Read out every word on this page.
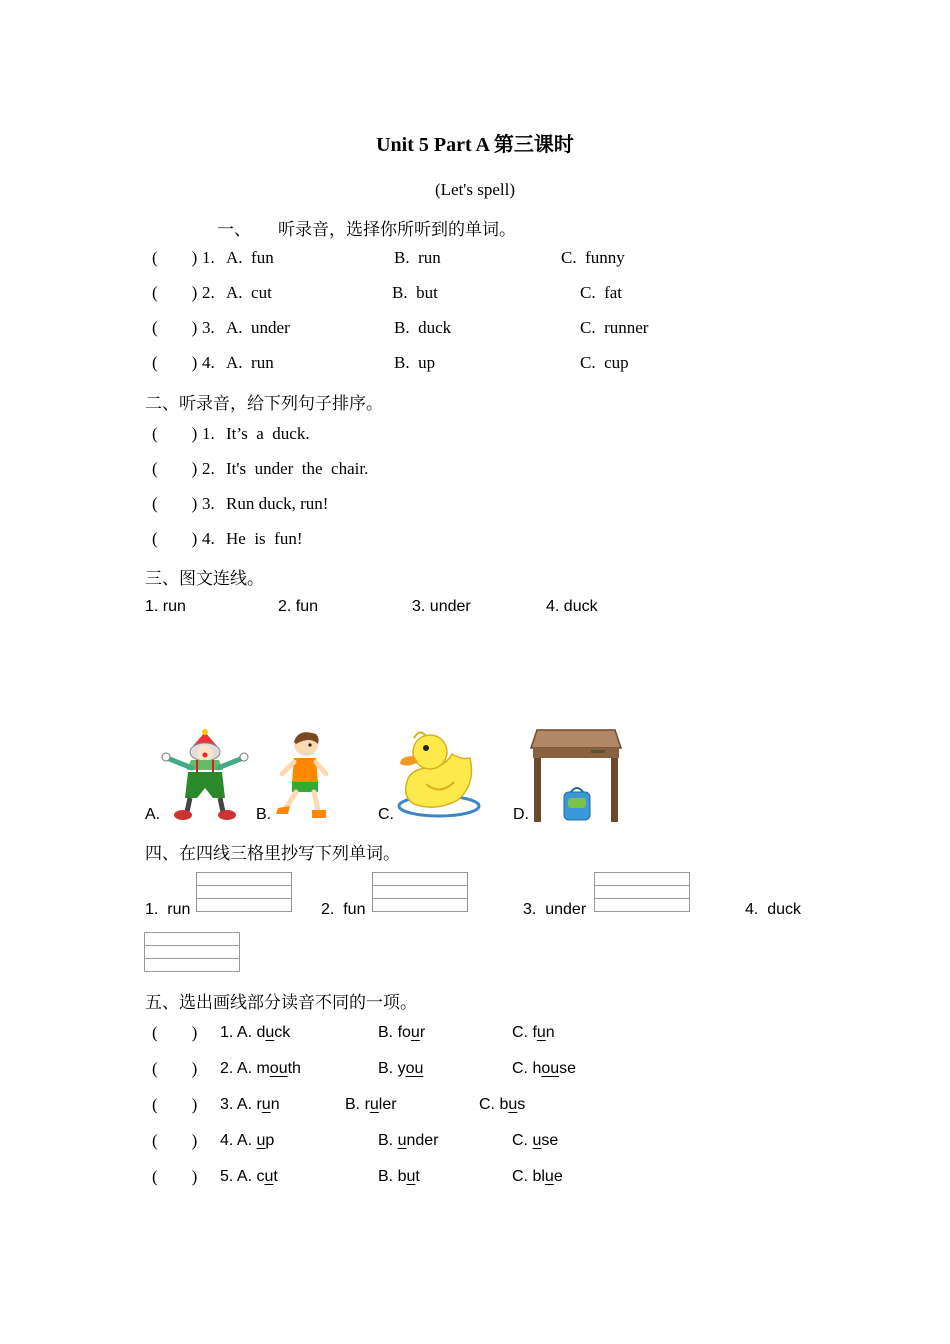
Unit 5 Part A 第三课时
(Let's spell)
一、 听录音，选择你所听到的单词。
(        ) 1. A.  fun	B.  run	C.  funny
(        ) 2. A.  cut	B.  but	C.  fat
(        ) 3. A.  under	B.  duck	C.  runner
(        ) 4. A.  run	B.  up	C.  cup
二、听录音，给下列句子排序。
(        ) 1. It’s  a  duck.
(        ) 2. It's  under  the  chair.
(        ) 3. Run duck, run!
(        ) 4. He  is  fun!
三、图文连线。
1. run	2. fun	3. under	4. duck
A.	B.	C.	D.
四、在四线三格里抄写下列单词。
1.  run	2.  fun	3.  under	4.  duck
五、选出画线部分读音不同的一项。
(        ) 1. A. duck	B. four	C. fun
(        ) 2. A. mouth	B. you	C. house
(        ) 3. A. run	B. ruler	C. bus
(        ) 4. A. up	B. under	C. use
(        ) 5. A. cut	B. but	C. blue
